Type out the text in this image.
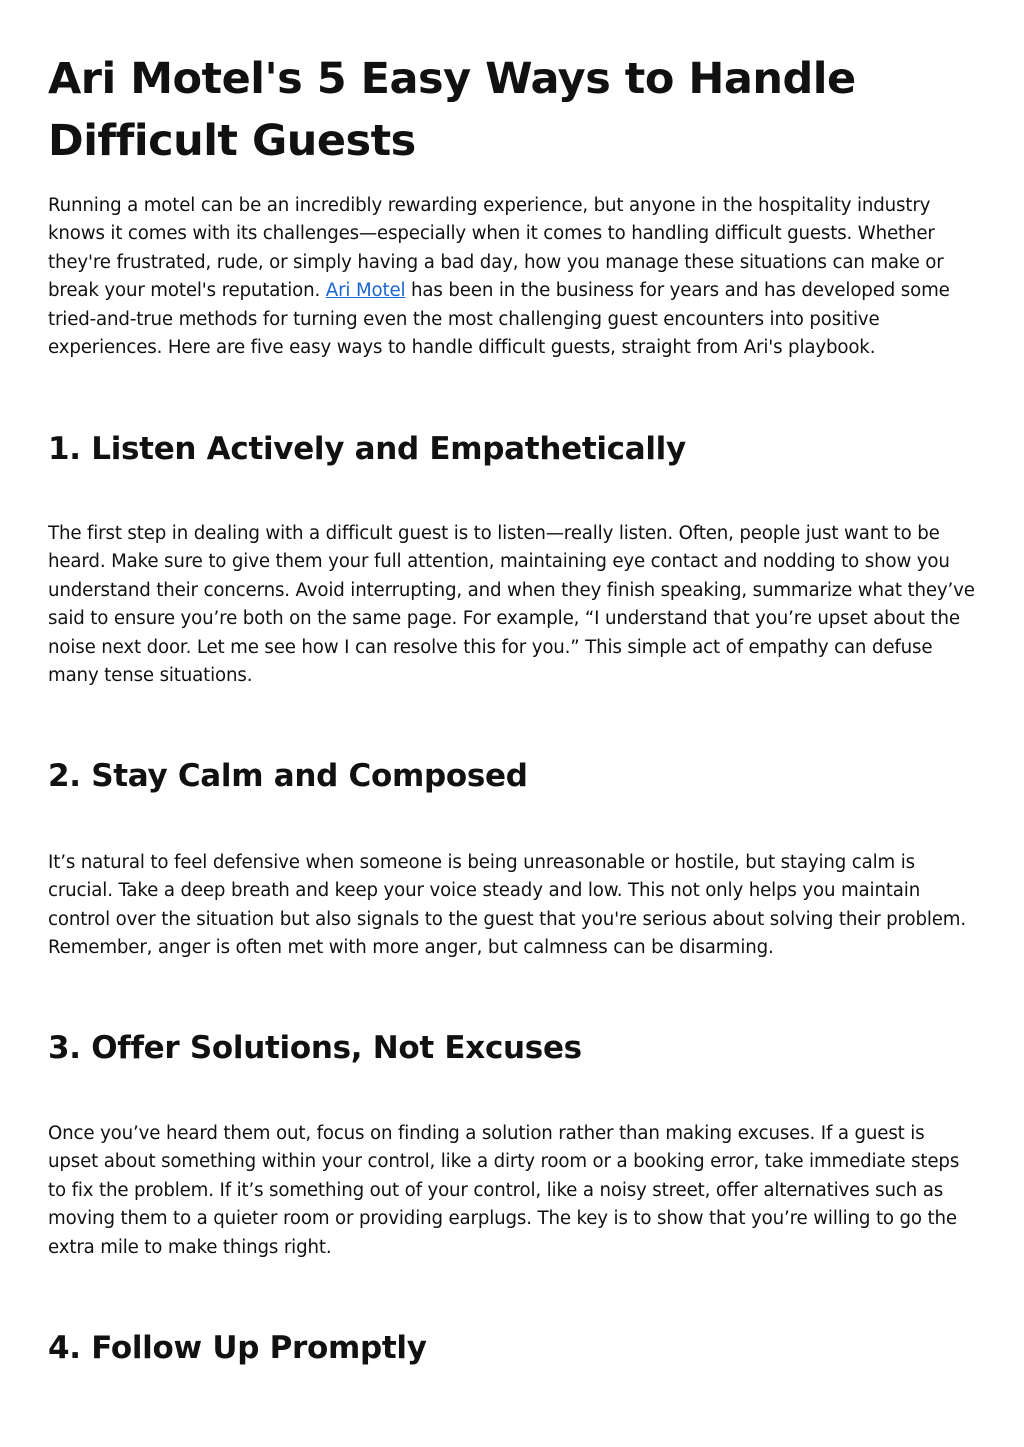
Ari Motel's 5 Easy Ways to Handle Difficult Guests

Running a motel can be an incredibly rewarding experience, but anyone in the hospitality industry knows it comes with its challenges—especially when it comes to handling difficult guests. Whether they're frustrated, rude, or simply having a bad day, how you manage these situations can make or break your motel's reputation. Ari Motel has been in the business for years and has developed some tried-and-true methods for turning even the most challenging guest encounters into positive experiences. Here are five easy ways to handle difficult guests, straight from Ari's playbook.

1. Listen Actively and Empathetically

The first step in dealing with a difficult guest is to listen—really listen. Often, people just want to be heard. Make sure to give them your full attention, maintaining eye contact and nodding to show you understand their concerns. Avoid interrupting, and when they finish speaking, summarize what they’ve said to ensure you’re both on the same page. For example, “I understand that you’re upset about the noise next door. Let me see how I can resolve this for you.” This simple act of empathy can defuse many tense situations.

2. Stay Calm and Composed

It’s natural to feel defensive when someone is being unreasonable or hostile, but staying calm is crucial. Take a deep breath and keep your voice steady and low. This not only helps you maintain control over the situation but also signals to the guest that you're serious about solving their problem. Remember, anger is often met with more anger, but calmness can be disarming.

3. Offer Solutions, Not Excuses

Once you’ve heard them out, focus on finding a solution rather than making excuses. If a guest is upset about something within your control, like a dirty room or a booking error, take immediate steps to fix the problem. If it’s something out of your control, like a noisy street, offer alternatives such as moving them to a quieter room or providing earplugs. The key is to show that you’re willing to go the extra mile to make things right.

4. Follow Up Promptly
